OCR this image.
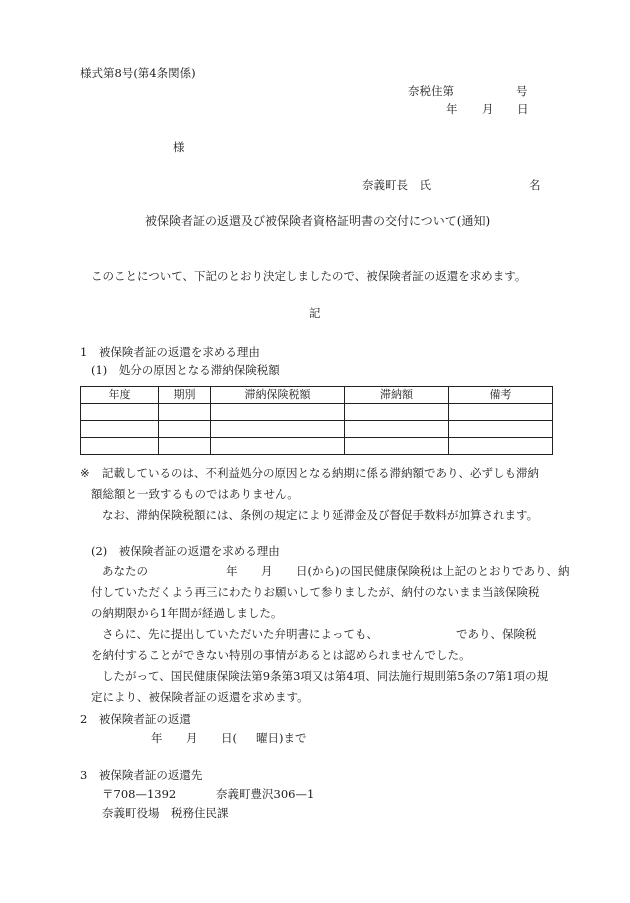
様式第8号(第4条関係)
奈税住第	号
年 月 日
様
奈義町長　氏	名
被保険者証の返還及び被保険者資格証明書の交付について(通知)
このことについて、下記のとおり決定しましたので、被保険者証の返還を求めます。
記
1　被保険者証の返還を求める理由
(1)　処分の原因となる滞納保険税額
年度	期別	滞納保険税額	滞納額	備考

※ 記載しているのは、不利益処分の原因となる納期に係る滞納額であり、必ずしも滞納
額総額と一致するものではありません。
なお、滞納保険税額には、条例の規定により延滞金及び督促手数料が加算されます。
(2)　被保険者証の返還を求める理由
あなたの	年 月 日(から)の国民健康保険税は上記のとおりであり、納
付していただくよう再三にわたりお願いして参りましたが、納付のないまま当該保険税
の納期限から1年間が経過しました。
さらに、先に提出していただいた弁明書によっても、	であり、保険税
を納付することができない特別の事情があるとは認められませんでした。
したがって、国民健康保険法第9条第3項又は第4項、同法施行規則第5条の7第1項の規
定により、被保険者証の返還を求めます。
2　被保険者証の返還
年 月 日( 曜日)まで
3　被保険者証の返還先
〒708—1392	奈義町豊沢306—1
奈義町役場　税務住民課
